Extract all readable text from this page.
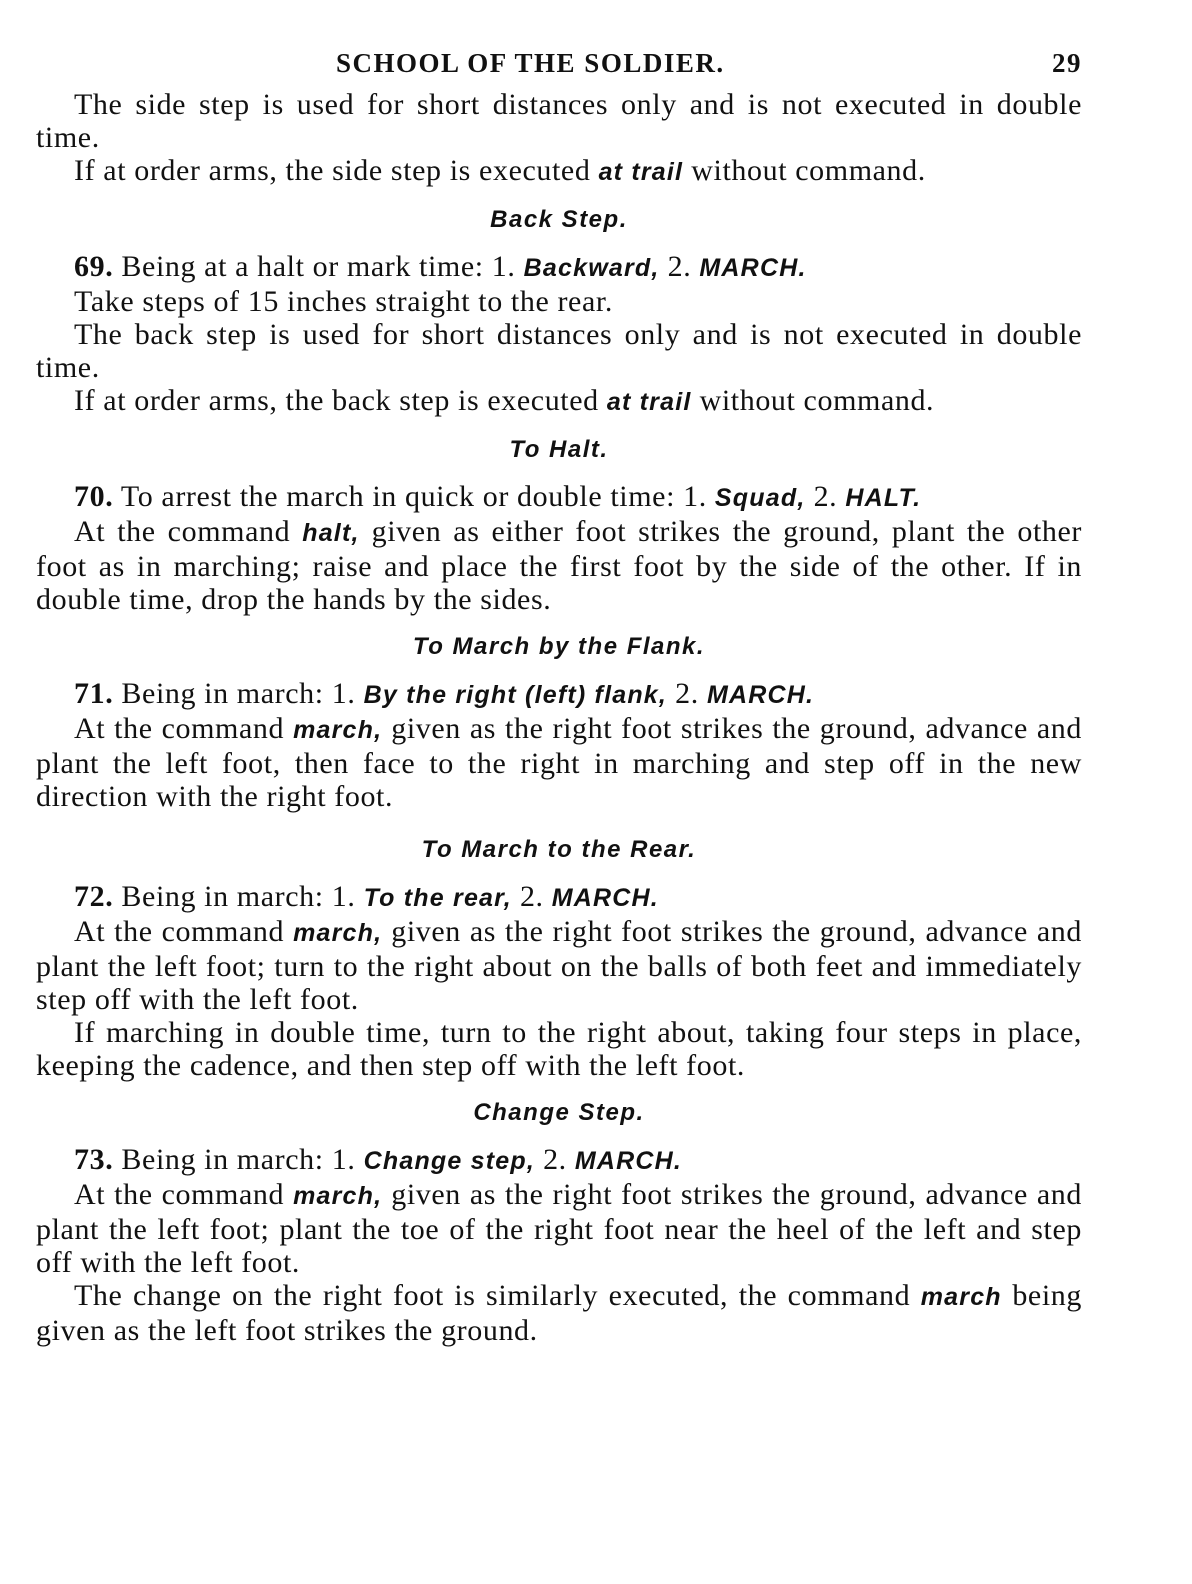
SCHOOL OF THE SOLDIER.	29

The side step is used for short distances only and is not executed in double time.

If at order arms, the side step is executed at trail without command.

Back Step.

69. Being at a halt or mark time: 1. Backward, 2. MARCH.

Take steps of 15 inches straight to the rear.

The back step is used for short distances only and is not executed in double time.

If at order arms, the back step is executed at trail without command.

To Halt.

70. To arrest the march in quick or double time: 1. Squad, 2. HALT.

At the command halt, given as either foot strikes the ground, plant the other foot as in marching; raise and place the first foot by the side of the other. If in double time, drop the hands by the sides.

To March by the Flank.

71. Being in march: 1. By the right (left) flank, 2. MARCH.

At the command march, given as the right foot strikes the ground, advance and plant the left foot, then face to the right in marching and step off in the new direction with the right foot.

To March to the Rear.

72. Being in march: 1. To the rear, 2. MARCH.

At the command march, given as the right foot strikes the ground, advance and plant the left foot; turn to the right about on the balls of both feet and immediately step off with the left foot.

If marching in double time, turn to the right about, taking four steps in place, keeping the cadence, and then step off with the left foot.

Change Step.

73. Being in march: 1. Change step, 2. MARCH.

At the command march, given as the right foot strikes the ground, advance and plant the left foot; plant the toe of the right foot near the heel of the left and step off with the left foot.

The change on the right foot is similarly executed, the command march being given as the left foot strikes the ground.
